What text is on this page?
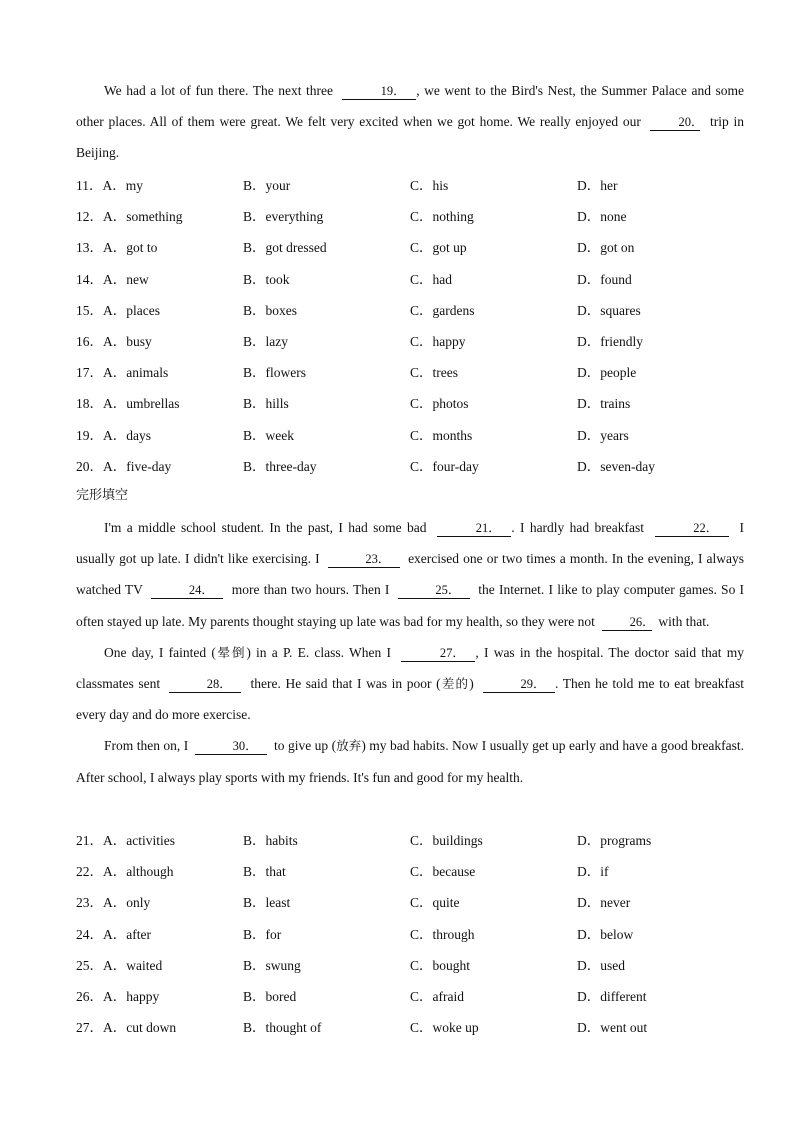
We had a lot of fun there. The next three	19． , we went to the Bird's Nest, the Summer Palace and some other places. All of them were great. We felt very excited when we got home. We really enjoyed our	20． trip in Beijing.

11．A．my	B．your	C．his	D．her
12．A．something	B．everything	C．nothing	D．none
13．A．got to	B．got dressed	C．got up	D．got on
14．A．new	B．took	C．had	D．found
15．A．places	B．boxes	C．gardens	D．squares
16．A．busy	B．lazy	C．happy	D．friendly
17．A．animals	B．flowers	C．trees	D．people
18．A．umbrellas	B．hills	C．photos	D．trains
19．A．days	B．week	C．months	D．years
20．A．five-day	B．three-day	C．four-day	D．seven-day
完形填空

I'm a middle school student. In the past, I had some bad	21． . I hardly had breakfast	22． I usually got up late. I didn't like exercising. I	23． exercised one or two times a month. In the evening, I always watched TV	24． more than two hours. Then I	25． the Internet. I like to play computer games. So I often stayed up late. My parents thought staying up late was bad for my health, so they were not	26． with that.

One day, I fainted (晕倒) in a P. E. class. When I	27． , I was in the hospital. The doctor said that my classmates sent	28． there. He said that I was in poor (差的)	29． . Then he told me to eat breakfast every day and do more exercise.

From then on, I	30． to give up (放弃) my bad habits. Now I usually get up early and have a good breakfast. After school, I always play sports with my friends. It's fun and good for my health.

21．A．activities	B．habits	C．buildings	D．programs
22．A．although	B．that	C．because	D．if
23．A．only	B．least	C．quite	D．never
24．A．after	B．for	C．through	D．below
25．A．waited	B．swung	C．bought	D．used
26．A．happy	B．bored	C．afraid	D．different
27．A．cut down	B．thought of	C．woke up	D．went out
